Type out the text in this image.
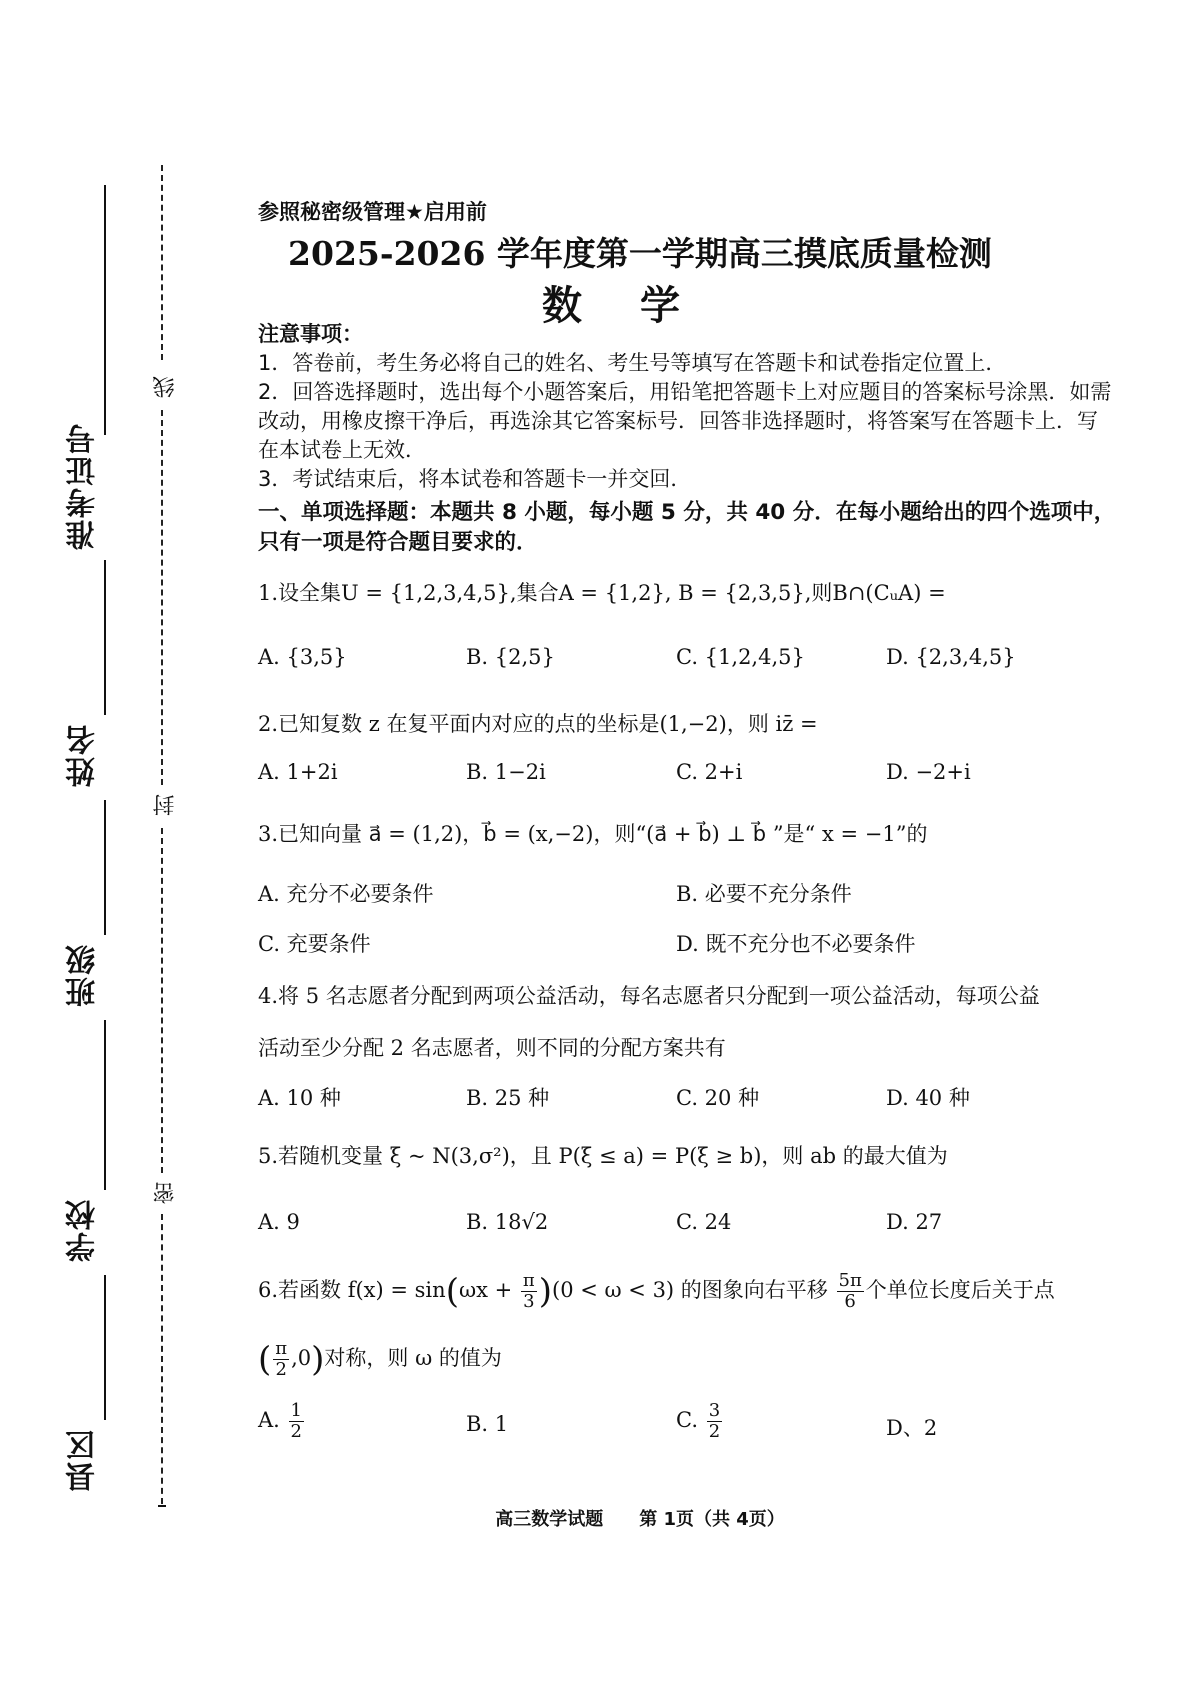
准考证号
姓名
班级
学校
县区
线
封
密
参照秘密级管理★启用前
2025-2026 学年度第一学期高三摸底质量检测
数学

注意事项：

1．答卷前，考生务必将自己的姓名、考生号等填写在答题卡和试卷指定位置上．

2．回答选择题时，选出每个小题答案后，用铅笔把答题卡上对应题目的答案标号涂黑．如需改动，用橡皮擦干净后，再选涂其它答案标号．回答非选择题时，将答案写在答题卡上．写在本试卷上无效．

3．考试结束后，将本试卷和答题卡一并交回．

一、单项选择题：本题共 8 小题，每小题 5 分，共 40 分．在每小题给出的四个选项中，只有一项是符合题目要求的．
1.设全集U = {1,2,3,4,5},集合A = {1,2}, B = {2,3,5},则B∩(CᵤA) =
A. {3,5}	B. {2,5}	C. {1,2,4,5}	D. {2,3,4,5}
2.已知复数 z 在复平面内对应的点的坐标是(1,−2)，则 iz̄ =
A. 1+2i	B. 1−2i	C. 2+i	D. −2+i
3.已知向量 a⃗ = (1,2)，b⃗ = (x,−2)，则“(a⃗ + b⃗) ⊥ b⃗ ”是“ x = −1”的
A. 充分不必要条件	B. 必要不充分条件
C. 充要条件	D. 既不充分也不必要条件
4.将 5 名志愿者分配到两项公益活动，每名志愿者只分配到一项公益活动，每项公益
活动至少分配 2 名志愿者，则不同的分配方案共有
A. 10 种	B. 25 种	C. 20 种	D. 40 种
5.若随机变量 ξ ~ N(3,σ²)，且 P(ξ ≤ a) = P(ξ ≥ b)，则 ab 的最大值为
A. 9	B. 18√2	C. 24	D. 27
6.若函数 $f(x) = \sin(\omega x + \frac{\pi}{3} )(0 < \omega < 3)$ 的图象向右平移 $\frac{5\pi}{6}$ 个单位长度后关于点
( $\frac{\pi}{2} ,0$)对称，则 ω 的值为
A. $\frac{1}{2}$	B. 1	C. $\frac{3}{2}$	D、2
高三数学试题　　第 1页（共 4页）
